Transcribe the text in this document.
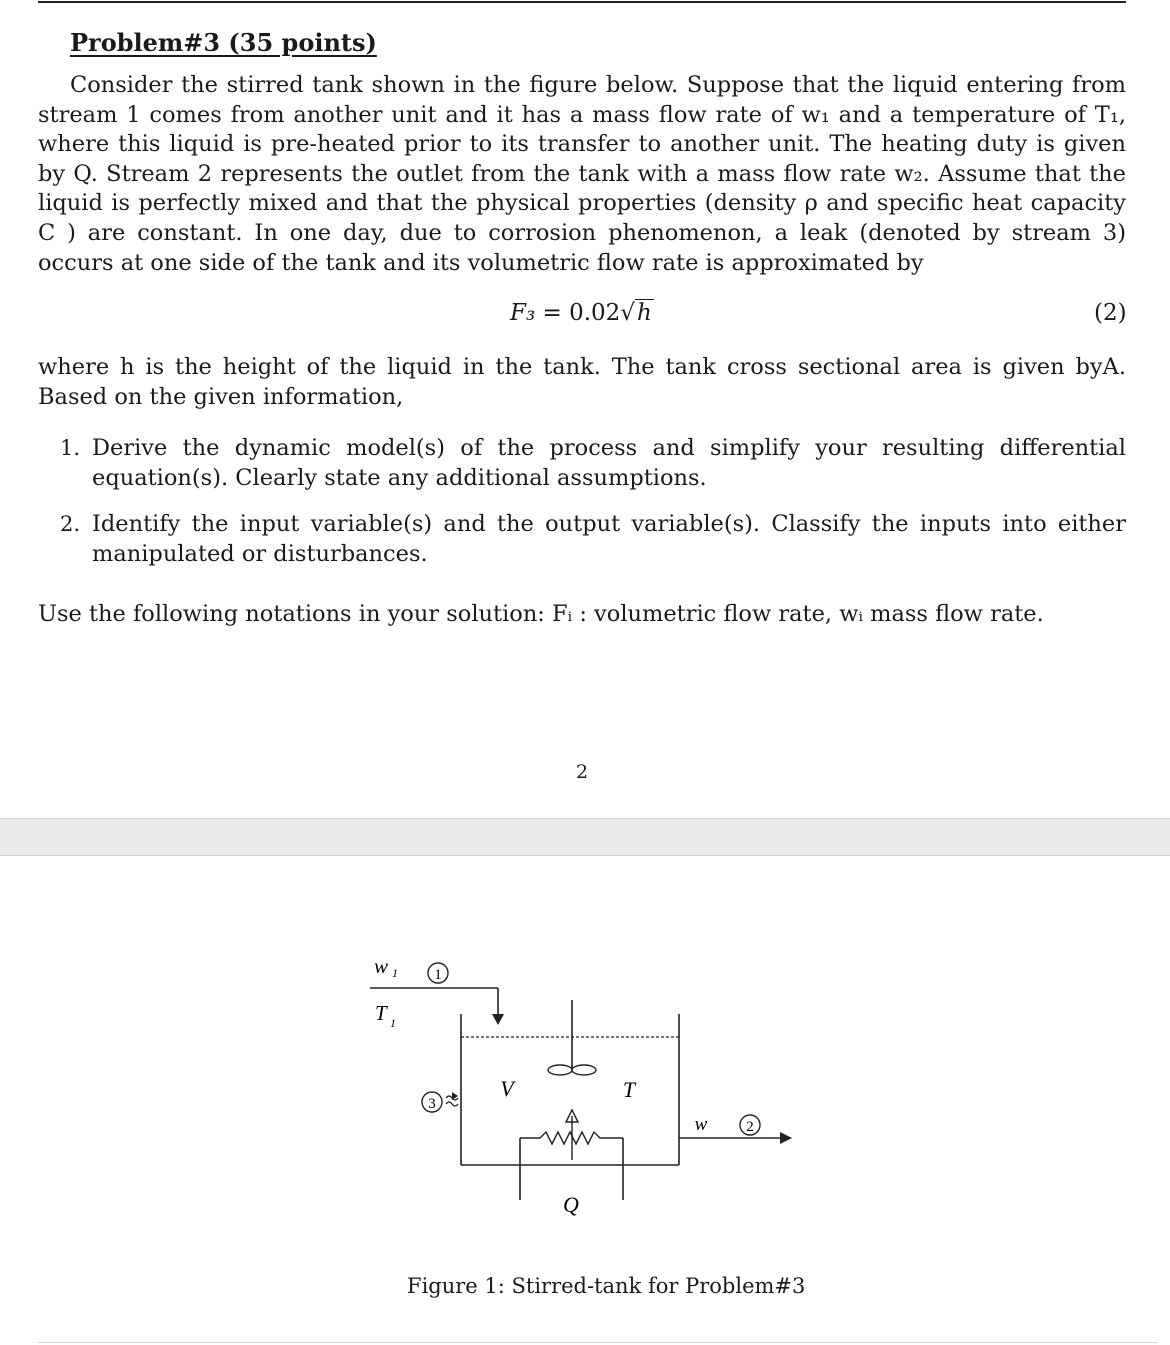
Problem#3 (35 points)

Consider the stirred tank shown in the figure below. Suppose that the liquid entering from stream 1 comes from another unit and it has a mass flow rate of w₁ and a temperature of T₁, where this liquid is pre-heated prior to its transfer to another unit. The heating duty is given by Q. Stream 2 represents the outlet from the tank with a mass flow rate w₂. Assume that the liquid is perfectly mixed and that the physical properties (density ρ and specific heat capacity C ) are constant. In one day, due to corrosion phenomenon, a leak (denoted by stream 3) occurs at one side of the tank and its volumetric flow rate is approximated by

F₃ = 0.02√h	(2)

where h is the height of the liquid in the tank. The tank cross sectional area is given byA. Based on the given information,

1. Derive the dynamic model(s) of the process and simplify your resulting differential equation(s). Clearly state any additional assumptions.
2. Identify the input variable(s) and the output variable(s). Classify the inputs into either manipulated or disturbances.
Use the following notations in your solution: Fᵢ : volumetric flow rate, wᵢ mass flow rate.
2
w 1
T 1
1
V	T
3
Q
w	2
Figure 1: Stirred-tank for Problem#3
